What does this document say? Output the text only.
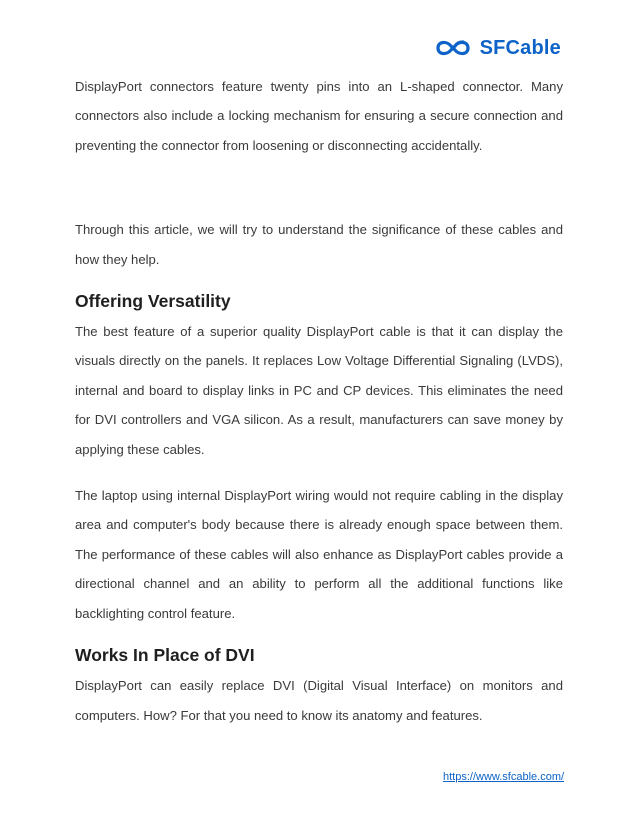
SFCable

DisplayPort connectors feature twenty pins into an L-shaped connector. Many connectors also include a locking mechanism for ensuring a secure connection and preventing the connector from loosening or disconnecting accidentally.

Through this article, we will try to understand the significance of these cables and how they help.

Offering Versatility

The best feature of a superior quality DisplayPort cable is that it can display the visuals directly on the panels. It replaces Low Voltage Differential Signaling (LVDS), internal and board to display links in PC and CP devices. This eliminates the need for DVI controllers and VGA silicon. As a result, manufacturers can save money by applying these cables.

The laptop using internal DisplayPort wiring would not require cabling in the display area and computer's body because there is already enough space between them. The performance of these cables will also enhance as DisplayPort cables provide a directional channel and an ability to perform all the additional functions like backlighting control feature.

Works In Place of DVI

DisplayPort can easily replace DVI (Digital Visual Interface) on monitors and computers. How? For that you need to know its anatomy and features.

https://www.sfcable.com/
